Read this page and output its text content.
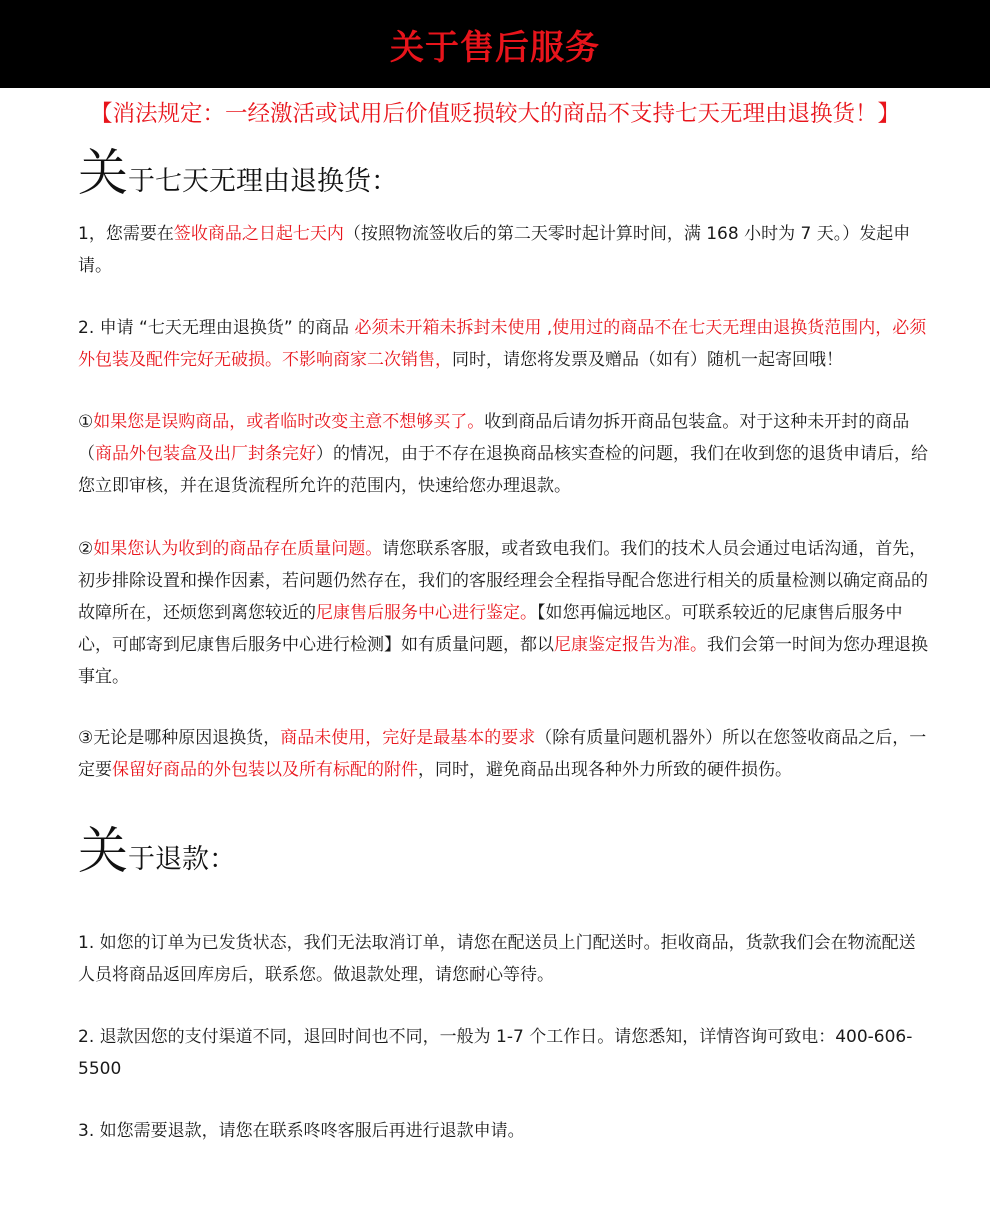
关于售后服务
【消法规定：一经激活或试用后价值贬损较大的商品不支持七天无理由退换货！】
关于七天无理由退换货：

1，您需要在签收商品之日起七天内（按照物流签收后的第二天零时起计算时间，满 168 小时为 7 天。）发起申请。

2. 申请 “七天无理由退换货” 的商品 必须未开箱未拆封未使用 ,使用过的商品不在七天无理由退换货范围内，必须外包装及配件完好无破损。不影响商家二次销售，同时，请您将发票及赠品（如有）随机一起寄回哦！

①如果您是误购商品，或者临时改变主意不想够买了。收到商品后请勿拆开商品包装盒。对于这种未开封的商品（商品外包装盒及出厂封条完好）的情况，由于不存在退换商品核实查检的问题，我们在收到您的退货申请后，给您立即审核，并在退货流程所允许的范围内，快速给您办理退款。

②如果您认为收到的商品存在质量问题。请您联系客服，或者致电我们。我们的技术人员会通过电话沟通，首先，初步排除设置和操作因素，若问题仍然存在，我们的客服经理会全程指导配合您进行相关的质量检测以确定商品的故障所在，还烦您到离您较近的尼康售后服务中心进行鉴定。【如您再偏远地区。可联系较近的尼康售后服务中心，可邮寄到尼康售后服务中心进行检测】如有质量问题，都以尼康鉴定报告为准。我们会第一时间为您办理退换事宜。

③无论是哪种原因退换货，商品未使用，完好是最基本的要求（除有质量问题机器外）所以在您签收商品之后，一定要保留好商品的外包装以及所有标配的附件，同时，避免商品出现各种外力所致的硬件损伤。

关于退款：

1. 如您的订单为已发货状态，我们无法取消订单，请您在配送员上门配送时。拒收商品，货款我们会在物流配送人员将商品返回库房后，联系您。做退款处理，请您耐心等待。

2. 退款因您的支付渠道不同，退回时间也不同，一般为 1-7 个工作日。请您悉知，详情咨询可致电：400-606-5500

3. 如您需要退款，请您在联系咚咚客服后再进行退款申请。
